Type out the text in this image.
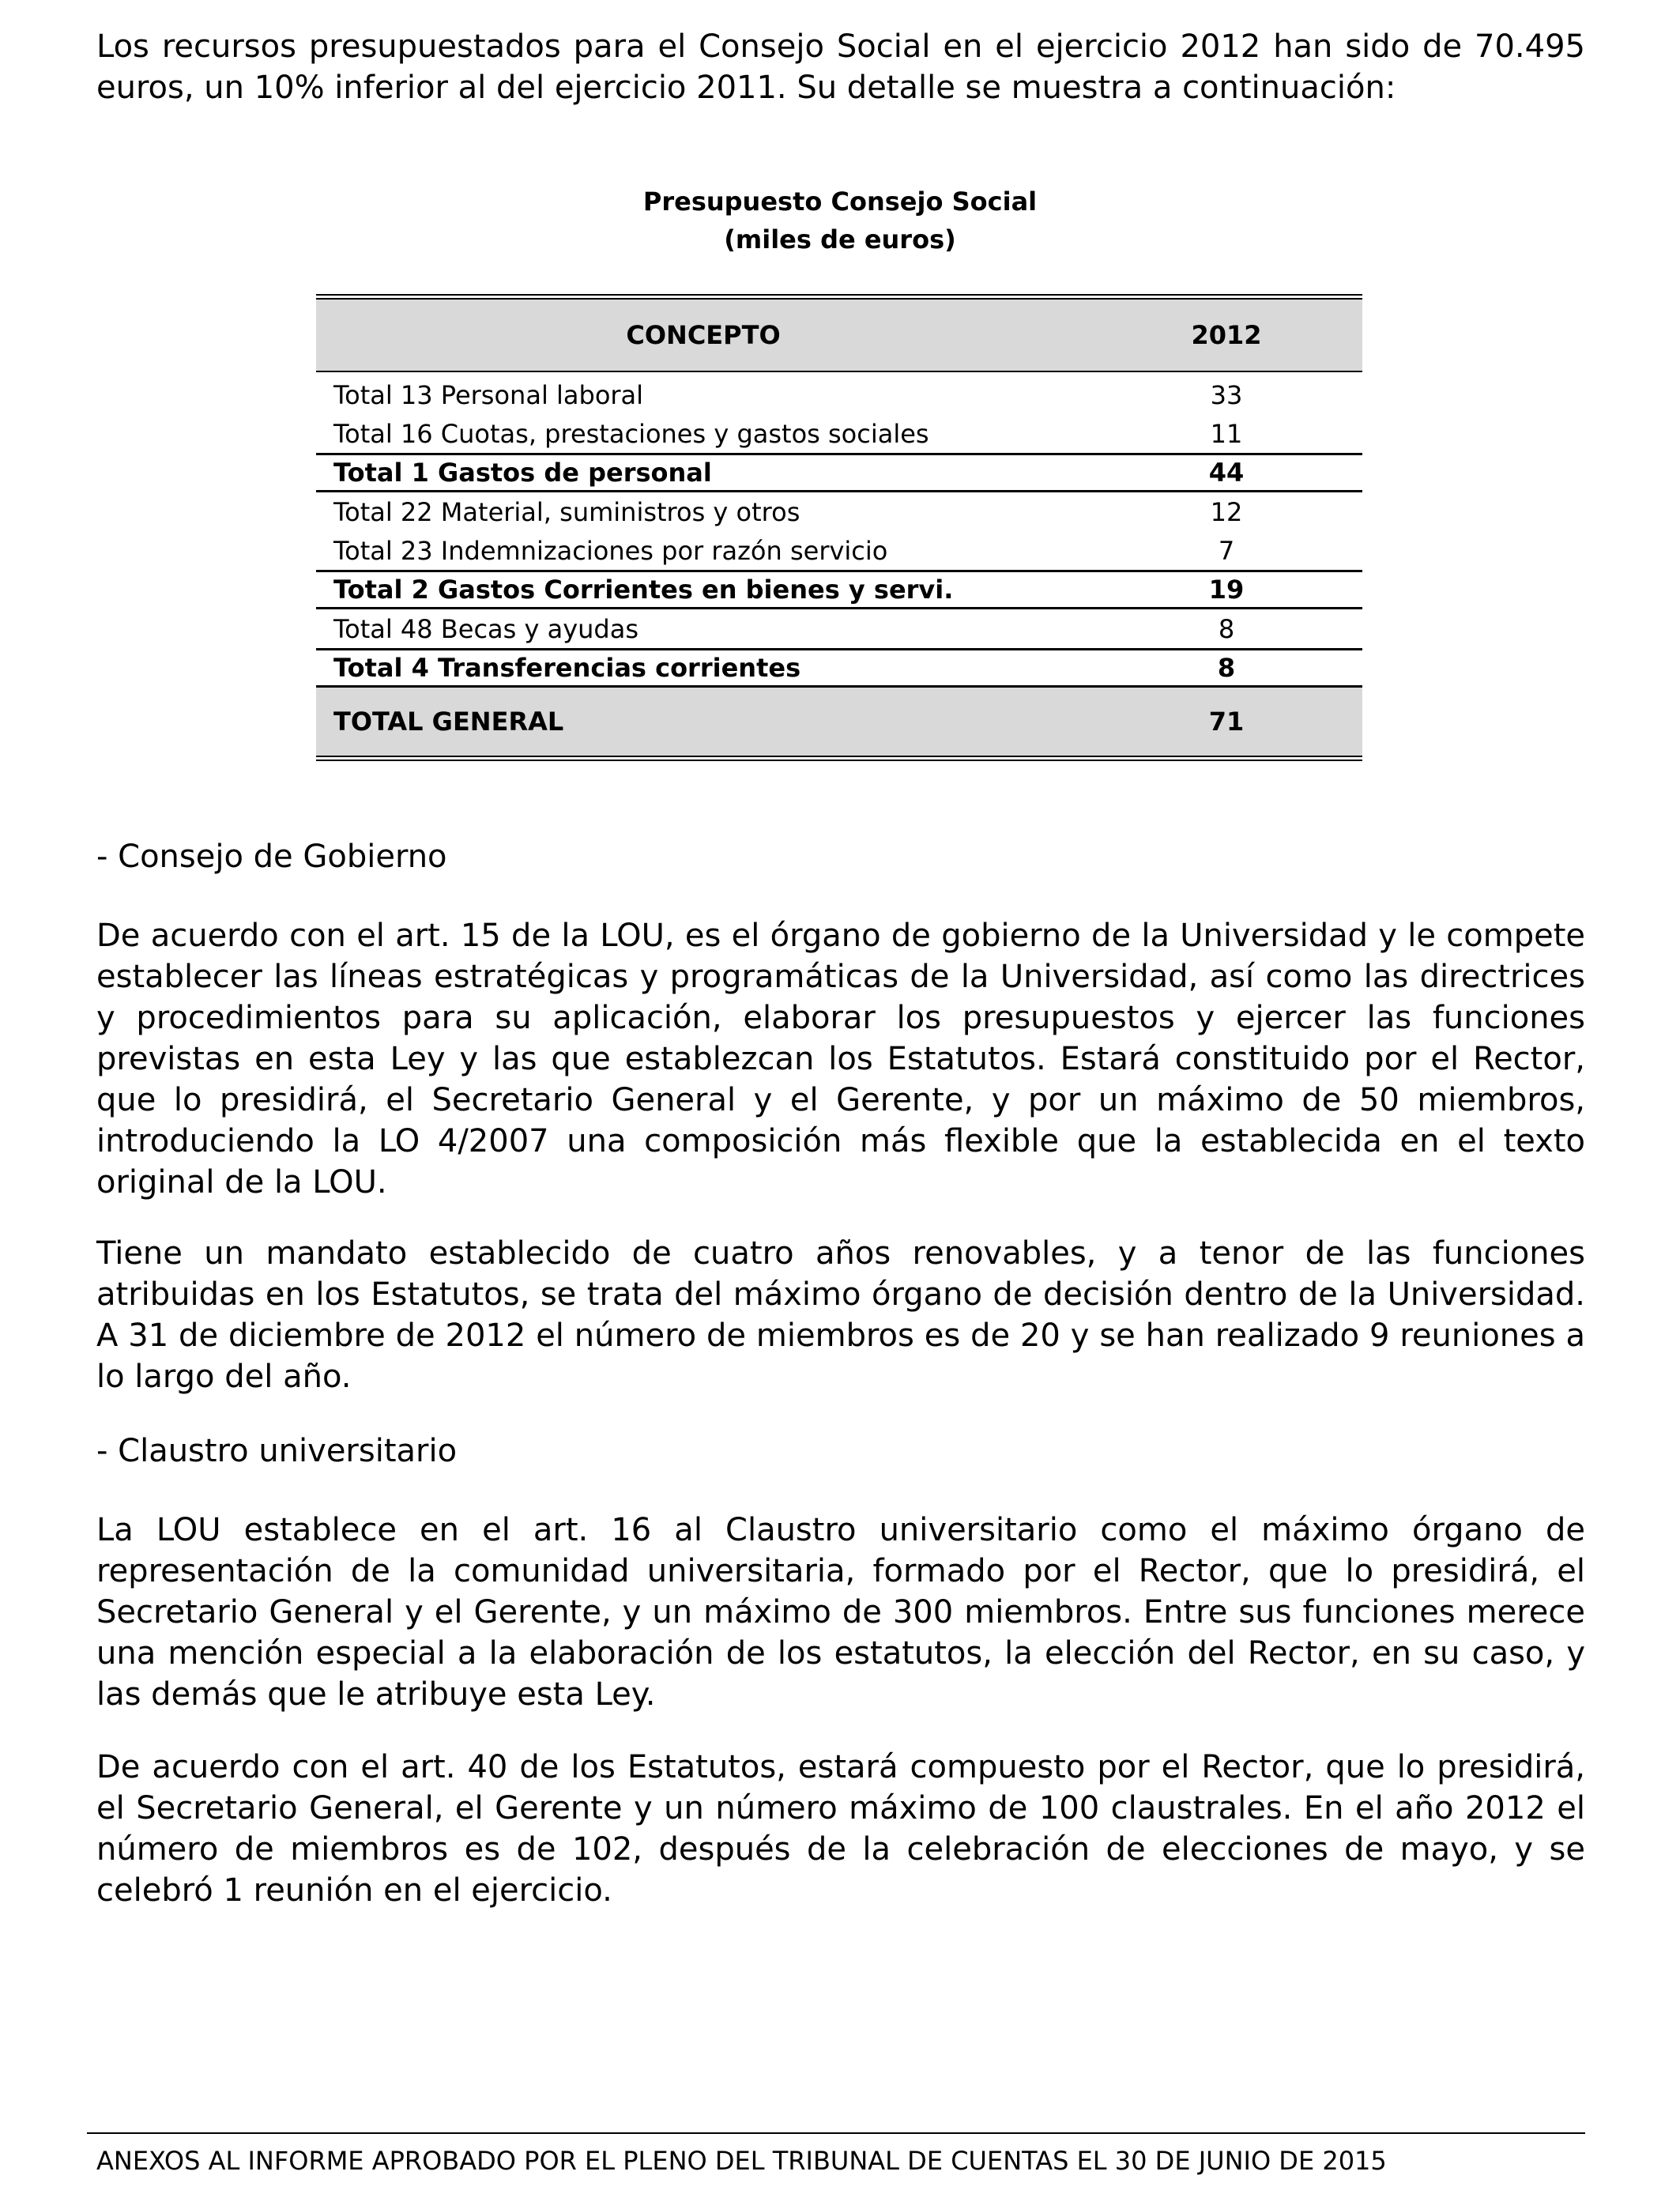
Los recursos presupuestados para el Consejo Social en el ejercicio 2012 han sido de 70.495 euros, un 10% inferior al del ejercicio 2011. Su detalle se muestra a continuación:

Presupuesto Consejo Social
(miles de euros)
CONCEPTO	2012
Total 13 Personal laboral	33
Total 16 Cuotas, prestaciones y gastos sociales	11
Total 1 Gastos de personal	44
Total 22 Material, suministros y otros	12
Total 23 Indemnizaciones por razón servicio	7
Total 2 Gastos Corrientes en bienes y servi.	19
Total 48 Becas y ayudas	8
Total 4 Transferencias corrientes	8
TOTAL GENERAL	71

- Consejo de Gobierno

De acuerdo con el art. 15 de la LOU, es el órgano de gobierno de la Universidad y le compete establecer las líneas estratégicas y programáticas de la Universidad, así como las directrices y procedimientos para su aplicación, elaborar los presupuestos y ejercer las funciones previstas en esta Ley y las que establezcan los Estatutos. Estará constituido por el Rector, que lo presidirá, el Secretario General y el Gerente, y por un máximo de 50 miembros, introduciendo la LO 4/2007 una composición más flexible que la establecida en el texto original de la LOU.

Tiene un mandato establecido de cuatro años renovables, y a tenor de las funciones atribuidas en los Estatutos, se trata del máximo órgano de decisión dentro de la Universidad. A 31 de diciembre de 2012 el número de miembros es de 20 y se han realizado 9 reuniones a lo largo del año.

- Claustro universitario

La LOU establece en el art. 16 al Claustro universitario como el máximo órgano de representación de la comunidad universitaria, formado por el Rector, que lo presidirá, el Secretario General y el Gerente, y un máximo de 300 miembros. Entre sus funciones merece una mención especial a la elaboración de los estatutos, la elección del Rector, en su caso, y las demás que le atribuye esta Ley.

De acuerdo con el art. 40 de los Estatutos, estará compuesto por el Rector, que lo presidirá, el Secretario General, el Gerente y un número máximo de 100 claustrales. En el año 2012 el número de miembros es de 102, después de la celebración de elecciones de mayo, y se celebró 1 reunión en el ejercicio.

ANEXOS AL INFORME APROBADO POR EL PLENO DEL TRIBUNAL DE CUENTAS EL 30 DE JUNIO DE 2015
